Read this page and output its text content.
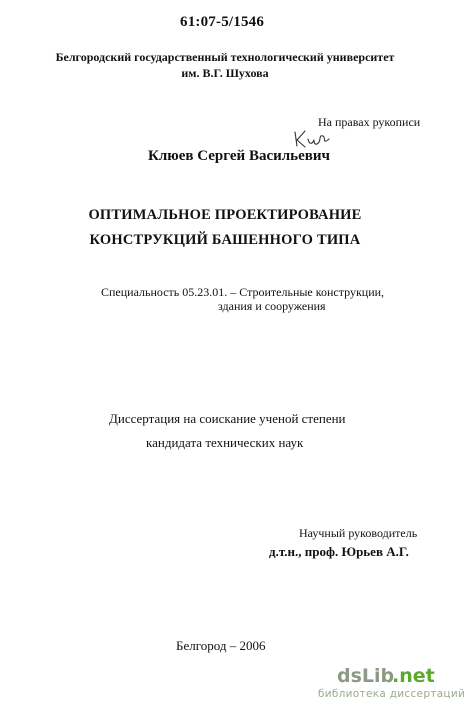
61:07-5/1546
Белгородский государственный технологический университет
им. В.Г. Шухова
На правах рукописи
Клюев Сергей Васильевич
ОПТИМАЛЬНОЕ ПРОЕКТИРОВАНИЕ
КОНСТРУКЦИЙ БАШЕННОГО ТИПА
Специальность 05.23.01. – Строительные конструкции,
здания и сооружения
Диссертация на соискание ученой степени
кандидата технических наук
Научный руководитель
д.т.н., проф. Юрьев А.Г.
Белгород – 2006
dsLib
.net
библиотека диссертаций
